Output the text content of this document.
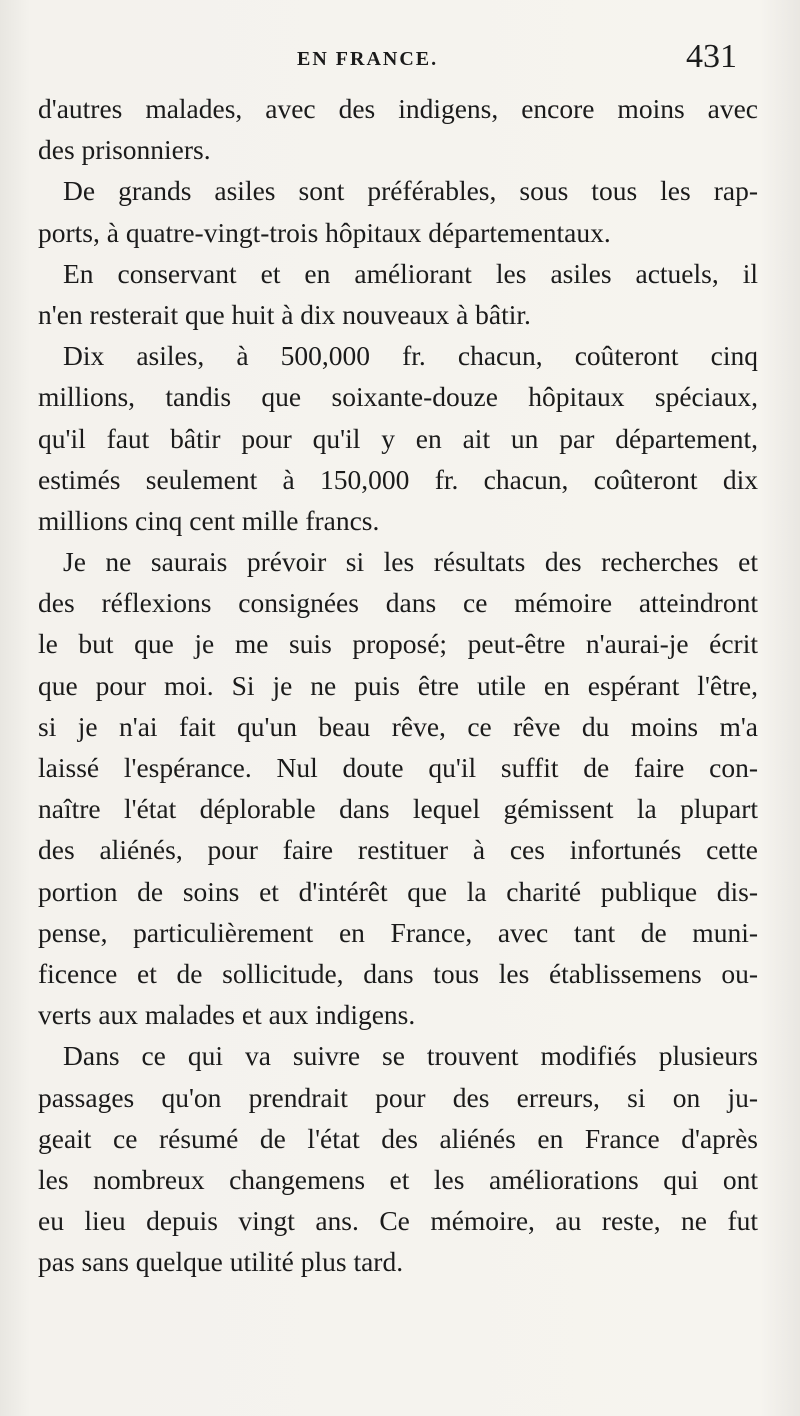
EN FRANCE.	431
d'autres malades, avec des indigens, encore moins avec
des prisonniers.
De grands asiles sont préférables, sous tous les rap-
ports, à quatre-vingt-trois hôpitaux départementaux.
En conservant et en améliorant les asiles actuels, il
n'en resterait que huit à dix nouveaux à bâtir.
Dix asiles, à 500,000 fr. chacun, coûteront cinq
millions, tandis que soixante-douze hôpitaux spéciaux,
qu'il faut bâtir pour qu'il y en ait un par département,
estimés seulement à 150,000 fr. chacun, coûteront dix
millions cinq cent mille francs.
Je ne saurais prévoir si les résultats des recherches et
des réflexions consignées dans ce mémoire atteindront
le but que je me suis proposé; peut-être n'aurai-je écrit
que pour moi. Si je ne puis être utile en espérant l'être,
si je n'ai fait qu'un beau rêve, ce rêve du moins m'a
laissé l'espérance. Nul doute qu'il suffit de faire con-
naître l'état déplorable dans lequel gémissent la plupart
des aliénés, pour faire restituer à ces infortunés cette
portion de soins et d'intérêt que la charité publique dis-
pense, particulièrement en France, avec tant de muni-
ficence et de sollicitude, dans tous les établissemens ou-
verts aux malades et aux indigens.
Dans ce qui va suivre se trouvent modifiés plusieurs
passages qu'on prendrait pour des erreurs, si on ju-
geait ce résumé de l'état des aliénés en France d'après
les nombreux changemens et les améliorations qui ont
eu lieu depuis vingt ans. Ce mémoire, au reste, ne fut
pas sans quelque utilité plus tard.
